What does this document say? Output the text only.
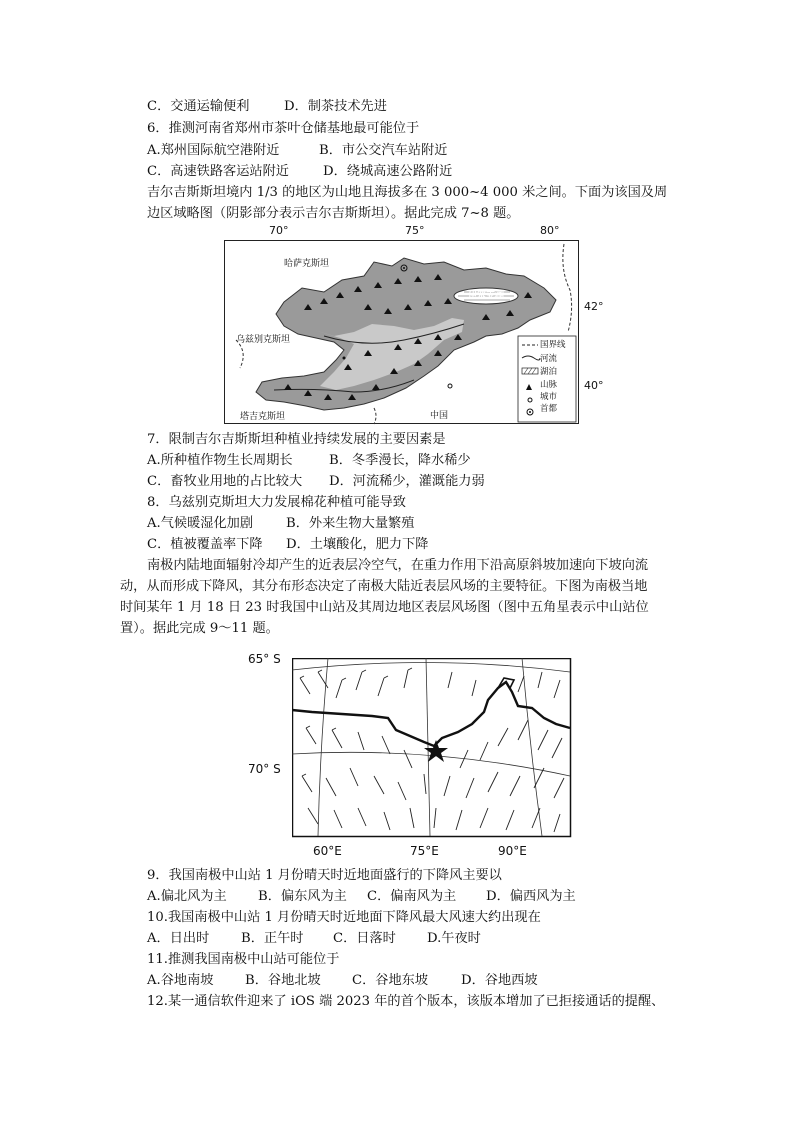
C．交通运输便利	D．制茶技术先进
6．推测河南省郑州市茶叶仓储基地最可能位于
A.郑州国际航空港附近	B．市公交汽车站附近
C．高速铁路客运站附近	D．绕城高速公路附近
吉尔吉斯斯坦境内 1/3 的地区为山地且海拔多在 3 000~4 000 米之间。下面为该国及周
边区域略图（阴影部分表示吉尔吉斯斯坦）。据此完成 7~8 题。
70°	75°	80°
42°
40°
哈萨克斯坦
乌兹别克斯坦
塔吉克斯坦	中国
伊塞克湖
国界线
河流
湖泊
山脉
城市
首都
7．限制吉尔吉斯斯坦种植业持续发展的主要因素是
A.所种植作物生长周期长	B．冬季漫长，降水稀少
C．畜牧业用地的占比较大 D．河流稀少，灌溉能力弱
8．乌兹别克斯坦大力发展棉花种植可能导致
A.气候暖湿化加剧 B．外来生物大量繁殖
C．植被覆盖率下降 D．土壤酸化，肥力下降
南极内陆地面辐射冷却产生的近表层冷空气，在重力作用下沿高原斜坡加速向下坡向流
动，从而形成下降风，其分布形态决定了南极大陆近表层风场的主要特征。下图为南极当地
时间某年 1 月 18 日 23 时我国中山站及其周边地区表层风场图（图中五角星表示中山站位
置）。据此完成 9～11 题。
65° S
70° S
60°E	75°E	90°E
9．我国南极中山站 1 月份晴天时近地面盛行的下降风主要以
A.偏北风为主 B．偏东风为主 C．偏南风为主 D．偏西风为主
10.我国南极中山站 1 月份晴天时近地面下降风最大风速大约出现在
A．日出时 B．正午时 C．日落时 D.午夜时
11.推测我国南极中山站可能位于
A.谷地南坡 B．谷地北坡 C．谷地东坡 D．谷地西坡
12.某一通信软件迎来了 iOS 端 2023 年的首个版本，该版本增加了已拒接通话的提醒、
